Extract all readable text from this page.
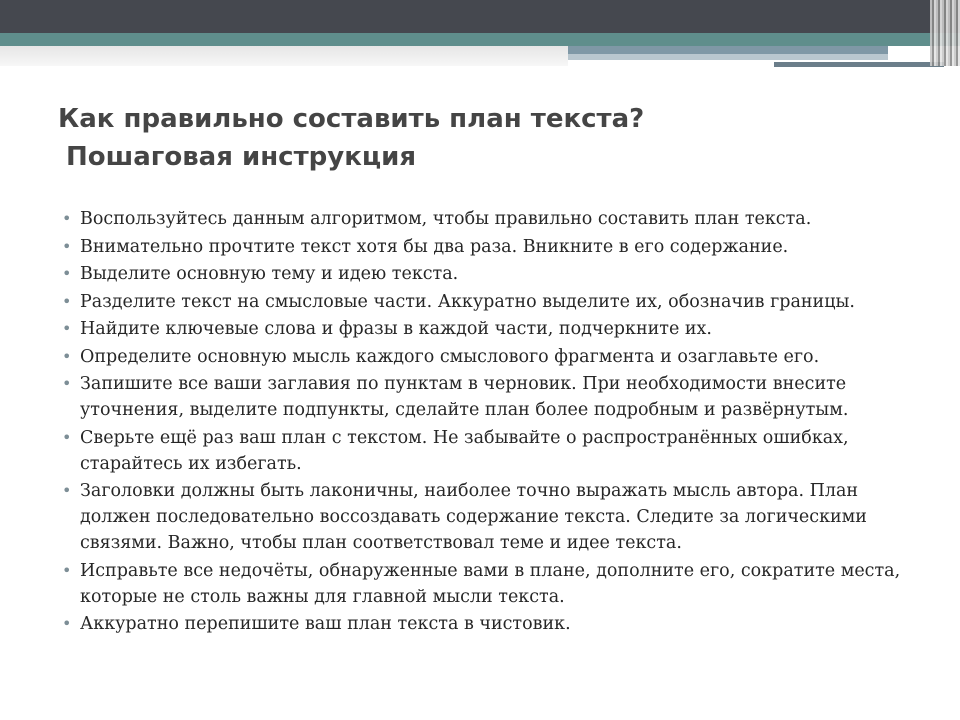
Как правильно составить план текста?
Пошаговая инструкция
• Воспользуйтесь данным алгоритмом, чтобы правильно составить план текста.
• Внимательно прочтите текст хотя бы два раза. Вникните в его содержание.
• Выделите основную тему и идею текста.
• Разделите текст на смысловые части. Аккуратно выделите их, обозначив границы.
• Найдите ключевые слова и фразы в каждой части, подчеркните их.
• Определите основную мысль каждого смыслового фрагмента и озаглавьте его.
• Запишите все ваши заглавия по пунктам в черновик. При необходимости внесите уточнения, выделите подпункты, сделайте план более подробным и развёрнутым.
• Сверьте ещё раз ваш план с текстом. Не забывайте о распространённых ошибках, старайтесь их избегать.
• Заголовки должны быть лаконичны, наиболее точно выражать мысль автора. План должен последовательно воссоздавать содержание текста. Следите за логическими связями. Важно, чтобы план соответствовал теме и идее текста.
• Исправьте все недочёты, обнаруженные вами в плане, дополните его, сократите места, которые не столь важны для главной мысли текста.
• Аккуратно перепишите ваш план текста в чистовик.
